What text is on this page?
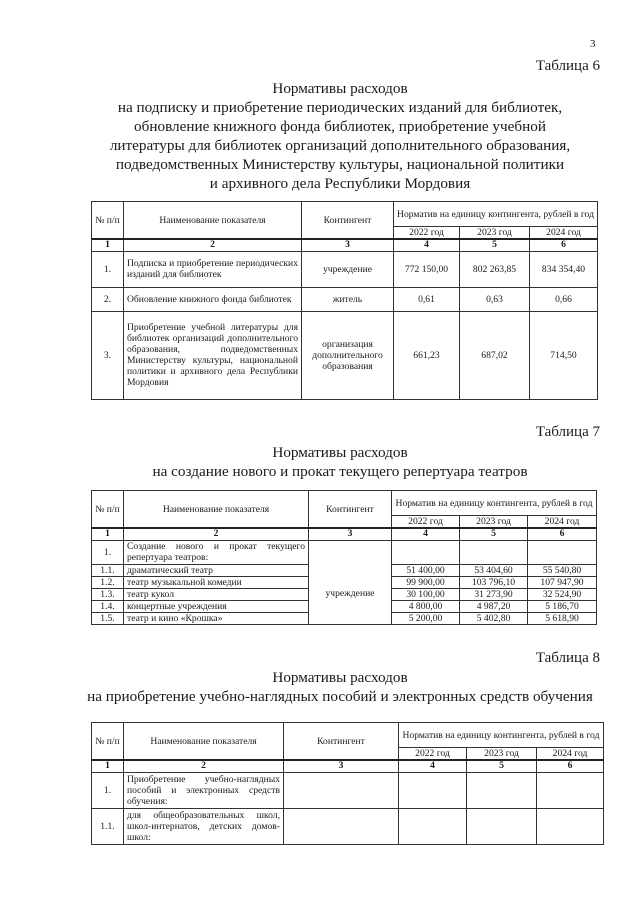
3
Таблица 6
Нормативы расходов
на подписку и приобретение периодических изданий для библиотек,
обновление книжного фонда библиотек, приобретение учебной
литературы для библиотек организаций дополнительного образования,
подведомственных Министерству культуры, национальной политики
и архивного дела Республики Мордовия
№ п/п	Наименование показателя	Контингент	Норматив на единицу контингента, рублей в год		
			2022 год	2023 год	2024 год
1	2	3	4	5	6
1.	Подписка и приобретение периодических изданий для библиотек	учреждение	772 150,00	802 263,85	834 354,40
2.	Обновление книжного фонда библиотек	житель	0,61	0,63	0,66
3.	Приобретение учебной литературы для библиотек организаций дополнительного образования, подведомственных Министерству культуры, национальной политики и архивного дела Республики Мордовия	организация дополнительного образования	661,23	687,02	714,50
Таблица 7
Нормативы расходов
на создание нового и прокат текущего репертуара театров
№ п/п	Наименование показателя	Контингент	Норматив на единицу контингента, рублей в год		
			2022 год	2023 год	2024 год
1	2	3	4	5	6
1.	Создание нового и прокат текущего репертуара театров:				
1.1.	драматический театр	учреждение	51 400,00	53 404,60	55 540,80
1.2.	театр музыкальной комедии		99 900,00	103 796,10	107 947,90
1.3.	театр кукол		30 100,00	31 273,90	32 524,90
1.4.	концертные учреждения		4 800,00	4 987,20	5 186,70
1.5.	театр и кино «Крошка»		5 200,00	5 402,80	5 618,90
Таблица 8
Нормативы расходов
на приобретение учебно-наглядных пособий и электронных средств обучения
№ п/п	Наименование показателя	Контингент	Норматив на единицу контингента, рублей в год		
			2022 год	2023 год	2024 год
1	2	3	4	5	6
1.	Приобретение учебно-наглядных пособий и электронных средств обучения:				
1.1.	для общеобразовательных школ, школ-интернатов, детских домов-школ:				
